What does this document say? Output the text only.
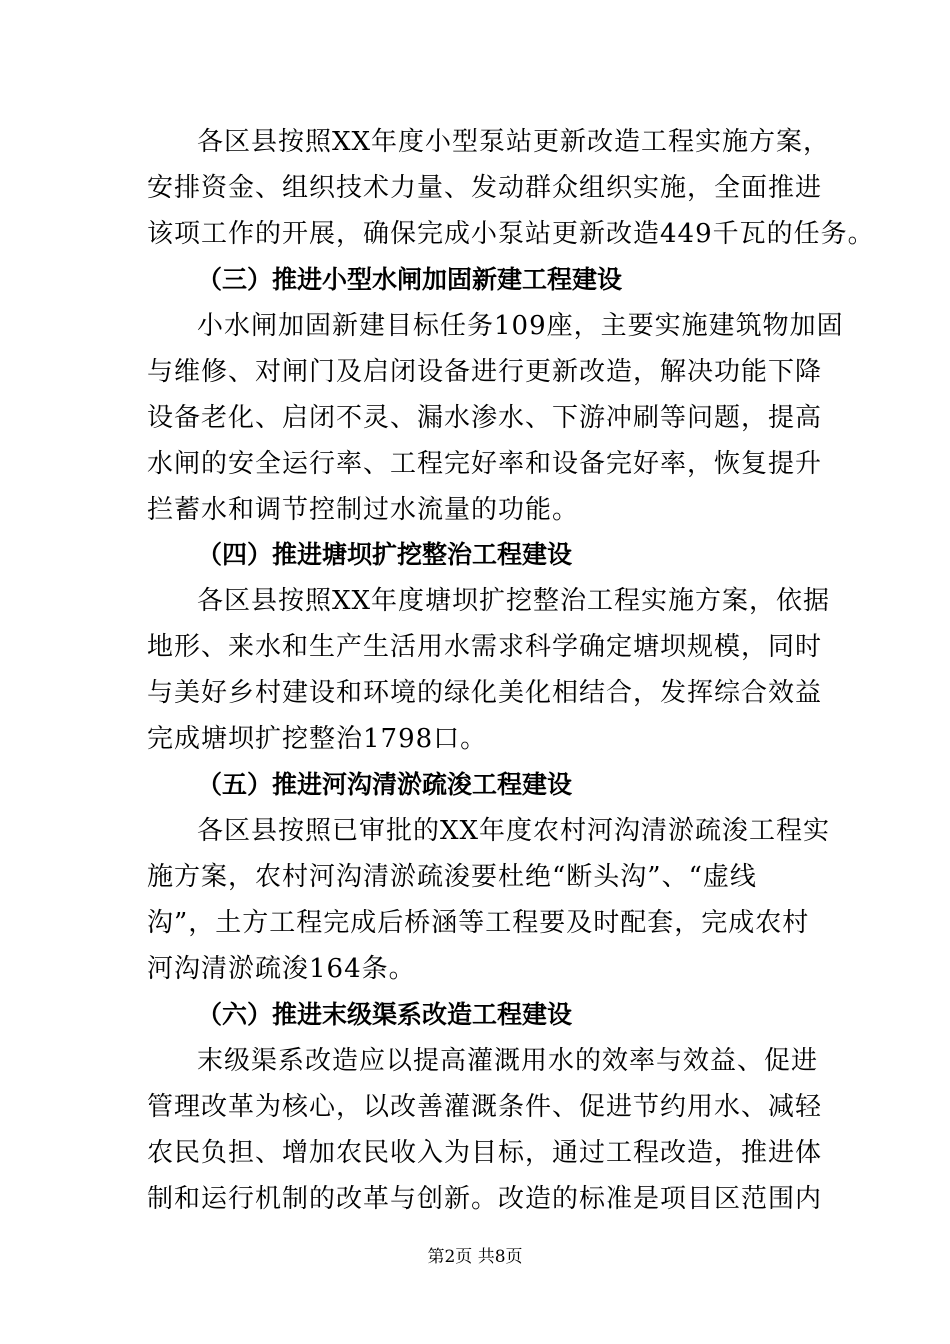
各区县按照XX年度小型泵站更新改造工程实施方案，
安排资金、组织技术力量、发动群众组织实施，全面推进
该项工作的开展，确保完成小泵站更新改造449千瓦的任务。
（三）推进小型水闸加固新建工程建设
小水闸加固新建目标任务109座，主要实施建筑物加固
与维修、对闸门及启闭设备进行更新改造，解决功能下降
设备老化、启闭不灵、漏水渗水、下游冲刷等问题，提高
水闸的安全运行率、工程完好率和设备完好率，恢复提升
拦蓄水和调节控制过水流量的功能。
（四）推进塘坝扩挖整治工程建设
各区县按照XX年度塘坝扩挖整治工程实施方案，依据
地形、来水和生产生活用水需求科学确定塘坝规模，同时
与美好乡村建设和环境的绿化美化相结合，发挥综合效益
完成塘坝扩挖整治1798口。
（五）推进河沟清淤疏浚工程建设
各区县按照已审批的XX年度农村河沟清淤疏浚工程实
施方案，农村河沟清淤疏浚要杜绝“断头沟”、“虚线
沟”，土方工程完成后桥涵等工程要及时配套，完成农村
河沟清淤疏浚164条。
（六）推进末级渠系改造工程建设
末级渠系改造应以提高灌溉用水的效率与效益、促进
管理改革为核心，以改善灌溉条件、促进节约用水、减轻
农民负担、增加农民收入为目标，通过工程改造，推进体
制和运行机制的改革与创新。改造的标准是项目区范围内
第2页 共8页
